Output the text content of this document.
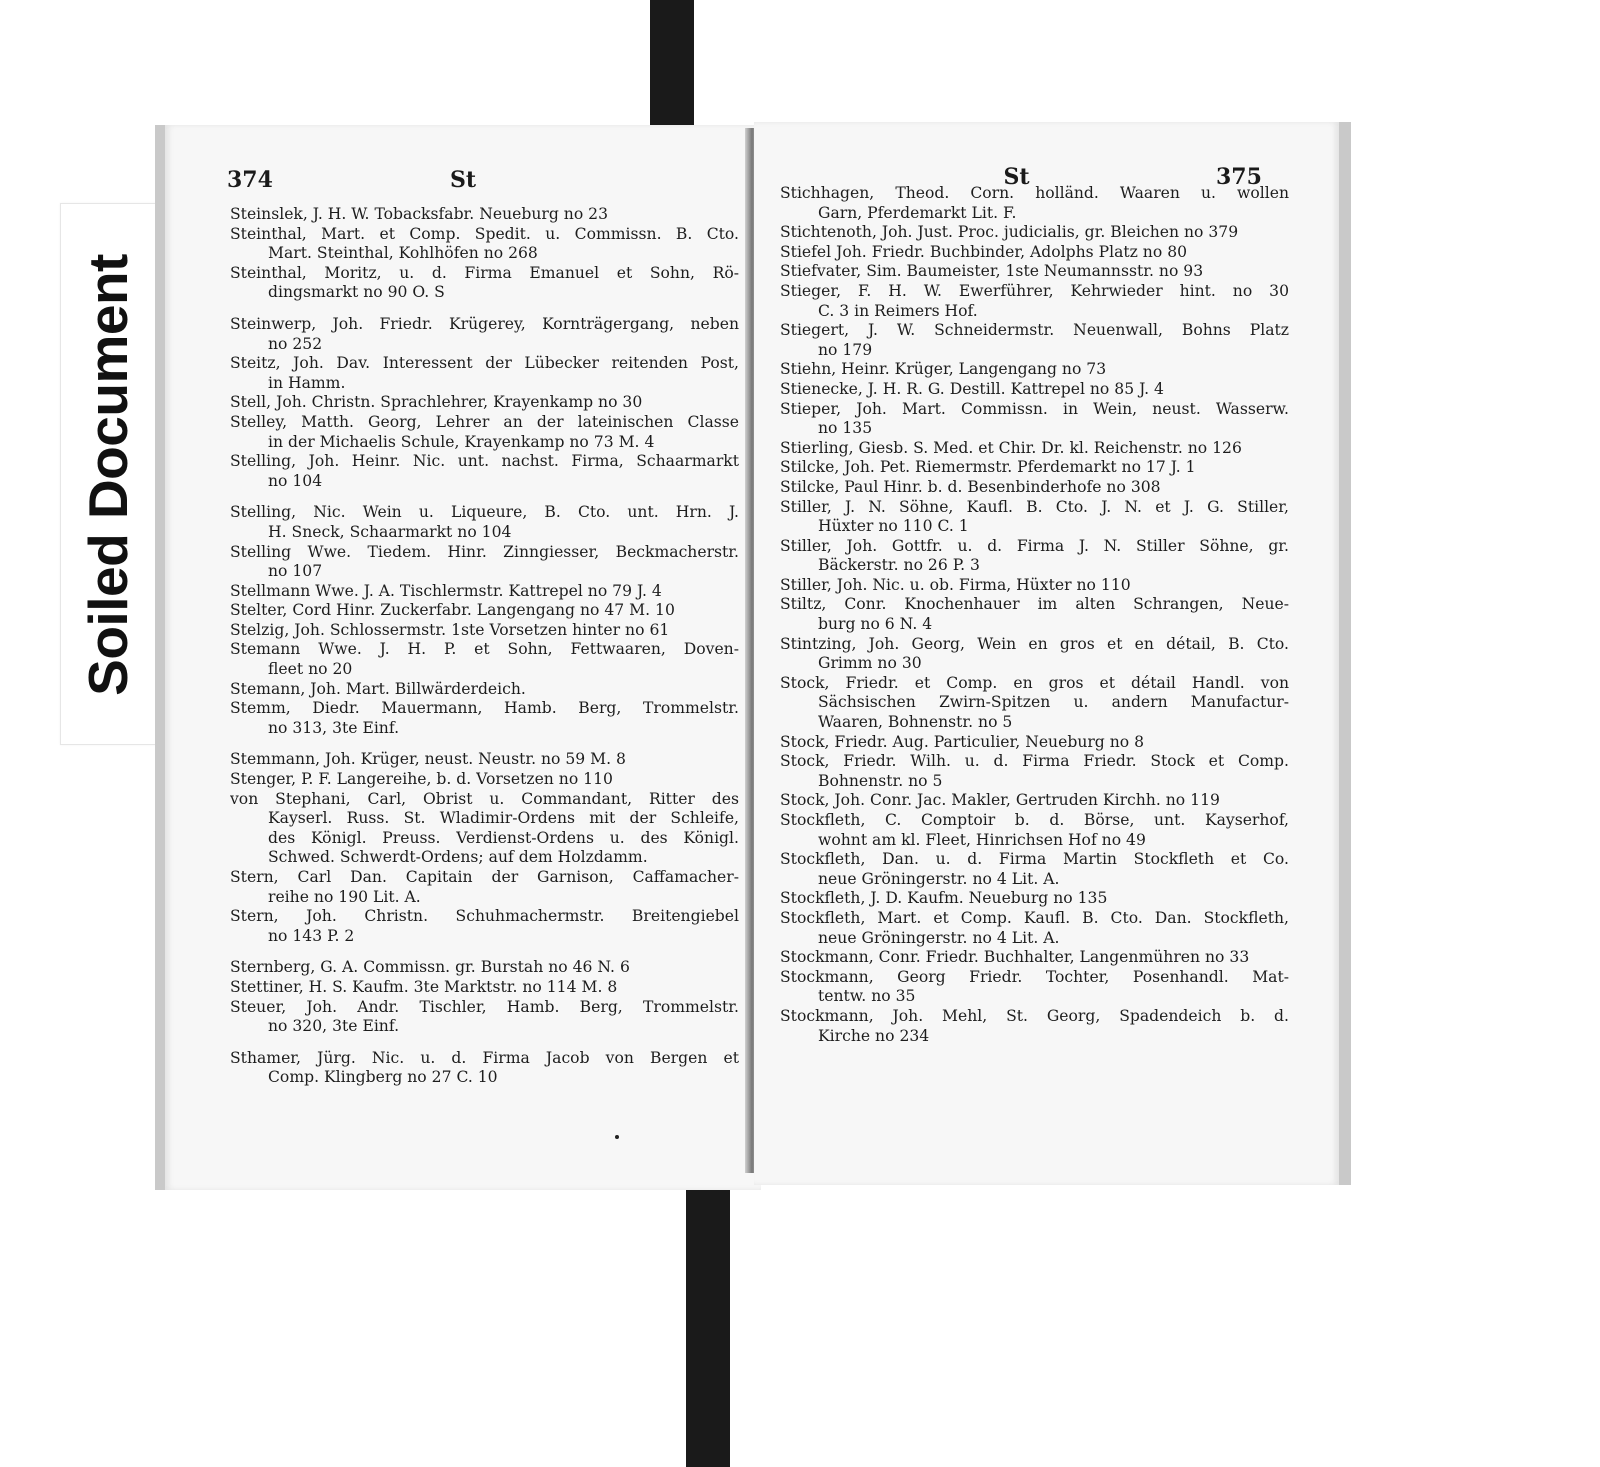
Soiled Document
374	St
Steinslek, J. H. W. Tobacksfabr. Neueburg no 23
Steinthal, Mart. et Comp. Spedit. u. Commissn. B. Cto.
Mart. Steinthal, Kohlhöfen no 268
Steinthal, Moritz, u. d. Firma Emanuel et Sohn, Rö-
dingsmarkt no 90 O. S
Steinwerp, Joh. Friedr. Krügerey, Kornträgergang, neben
no 252
Steitz, Joh. Dav. Interessent der Lübecker reitenden Post,
in Hamm.
Stell, Joh. Christn. Sprachlehrer, Krayenkamp no 30
Stelley, Matth. Georg, Lehrer an der lateinischen Classe
in der Michaelis Schule, Krayenkamp no 73 M. 4
Stelling, Joh. Heinr. Nic. unt. nachst. Firma, Schaarmarkt
no 104
Stelling, Nic. Wein u. Liqueure, B. Cto. unt. Hrn. J.
H. Sneck, Schaarmarkt no 104
Stelling Wwe. Tiedem. Hinr. Zinngiesser, Beckmacherstr.
no 107
Stellmann Wwe. J. A. Tischlermstr. Kattrepel no 79 J. 4
Stelter, Cord Hinr. Zuckerfabr. Langengang no 47 M. 10
Stelzig, Joh. Schlossermstr. 1ste Vorsetzen hinter no 61
Stemann Wwe. J. H. P. et Sohn, Fettwaaren, Doven-
fleet no 20
Stemann, Joh. Mart. Billwärderdeich.
Stemm, Diedr. Mauermann, Hamb. Berg, Trommelstr.
no 313, 3te Einf.
Stemmann, Joh. Krüger, neust. Neustr. no 59 M. 8
Stenger, P. F. Langereihe, b. d. Vorsetzen no 110
von Stephani, Carl, Obrist u. Commandant, Ritter des
Kayserl. Russ. St. Wladimir-Ordens mit der Schleife,
des Königl. Preuss. Verdienst-Ordens u. des Königl.
Schwed. Schwerdt-Ordens; auf dem Holzdamm.
Stern, Carl Dan. Capitain der Garnison, Caffamacher-
reihe no 190 Lit. A.
Stern, Joh. Christn. Schuhmachermstr. Breitengiebel
no 143 P. 2
Sternberg, G. A. Commissn. gr. Burstah no 46 N. 6
Stettiner, H. S. Kaufm. 3te Marktstr. no 114 M. 8
Steuer, Joh. Andr. Tischler, Hamb. Berg, Trommelstr.
no 320, 3te Einf.
Sthamer, Jürg. Nic. u. d. Firma Jacob von Bergen et
Comp. Klingberg no 27 C. 10
St	375
Stichhagen, Theod. Corn. holländ. Waaren u. wollen
Garn, Pferdemarkt Lit. F.
Stichtenoth, Joh. Just. Proc. judicialis, gr. Bleichen no 379
Stiefel Joh. Friedr. Buchbinder, Adolphs Platz no 80
Stiefvater, Sim. Baumeister, 1ste Neumannsstr. no 93
Stieger, F. H. W. Ewerführer, Kehrwieder hint. no 30
C. 3 in Reimers Hof.
Stiegert, J. W. Schneidermstr. Neuenwall, Bohns Platz
no 179
Stiehn, Heinr. Krüger, Langengang no 73
Stienecke, J. H. R. G. Destill. Kattrepel no 85 J. 4
Stieper, Joh. Mart. Commissn. in Wein, neust. Wasserw.
no 135
Stierling, Giesb. S. Med. et Chir. Dr. kl. Reichenstr. no 126
Stilcke, Joh. Pet. Riemermstr. Pferdemarkt no 17 J. 1
Stilcke, Paul Hinr. b. d. Besenbinderhofe no 308
Stiller, J. N. Söhne, Kaufl. B. Cto. J. N. et J. G. Stiller,
Hüxter no 110 C. 1
Stiller, Joh. Gottfr. u. d. Firma J. N. Stiller Söhne, gr.
Bäckerstr. no 26 P. 3
Stiller, Joh. Nic. u. ob. Firma, Hüxter no 110
Stiltz, Conr. Knochenhauer im alten Schrangen, Neue-
burg no 6 N. 4
Stintzing, Joh. Georg, Wein en gros et en détail, B. Cto.
Grimm no 30
Stock, Friedr. et Comp. en gros et détail Handl. von
Sächsischen Zwirn-Spitzen u. andern Manufactur-
Waaren, Bohnenstr. no 5
Stock, Friedr. Aug. Particulier, Neueburg no 8
Stock, Friedr. Wilh. u. d. Firma Friedr. Stock et Comp.
Bohnenstr. no 5
Stock, Joh. Conr. Jac. Makler, Gertruden Kirchh. no 119
Stockfleth, C. Comptoir b. d. Börse, unt. Kayserhof,
wohnt am kl. Fleet, Hinrichsen Hof no 49
Stockfleth, Dan. u. d. Firma Martin Stockfleth et Co.
neue Gröningerstr. no 4 Lit. A.
Stockfleth, J. D. Kaufm. Neueburg no 135
Stockfleth, Mart. et Comp. Kaufl. B. Cto. Dan. Stockfleth,
neue Gröningerstr. no 4 Lit. A.
Stockmann, Conr. Friedr. Buchhalter, Langenmühren no 33
Stockmann, Georg Friedr. Tochter, Posenhandl. Mat-
tentw. no 35
Stockmann, Joh. Mehl, St. Georg, Spadendeich b. d.
Kirche no 234
